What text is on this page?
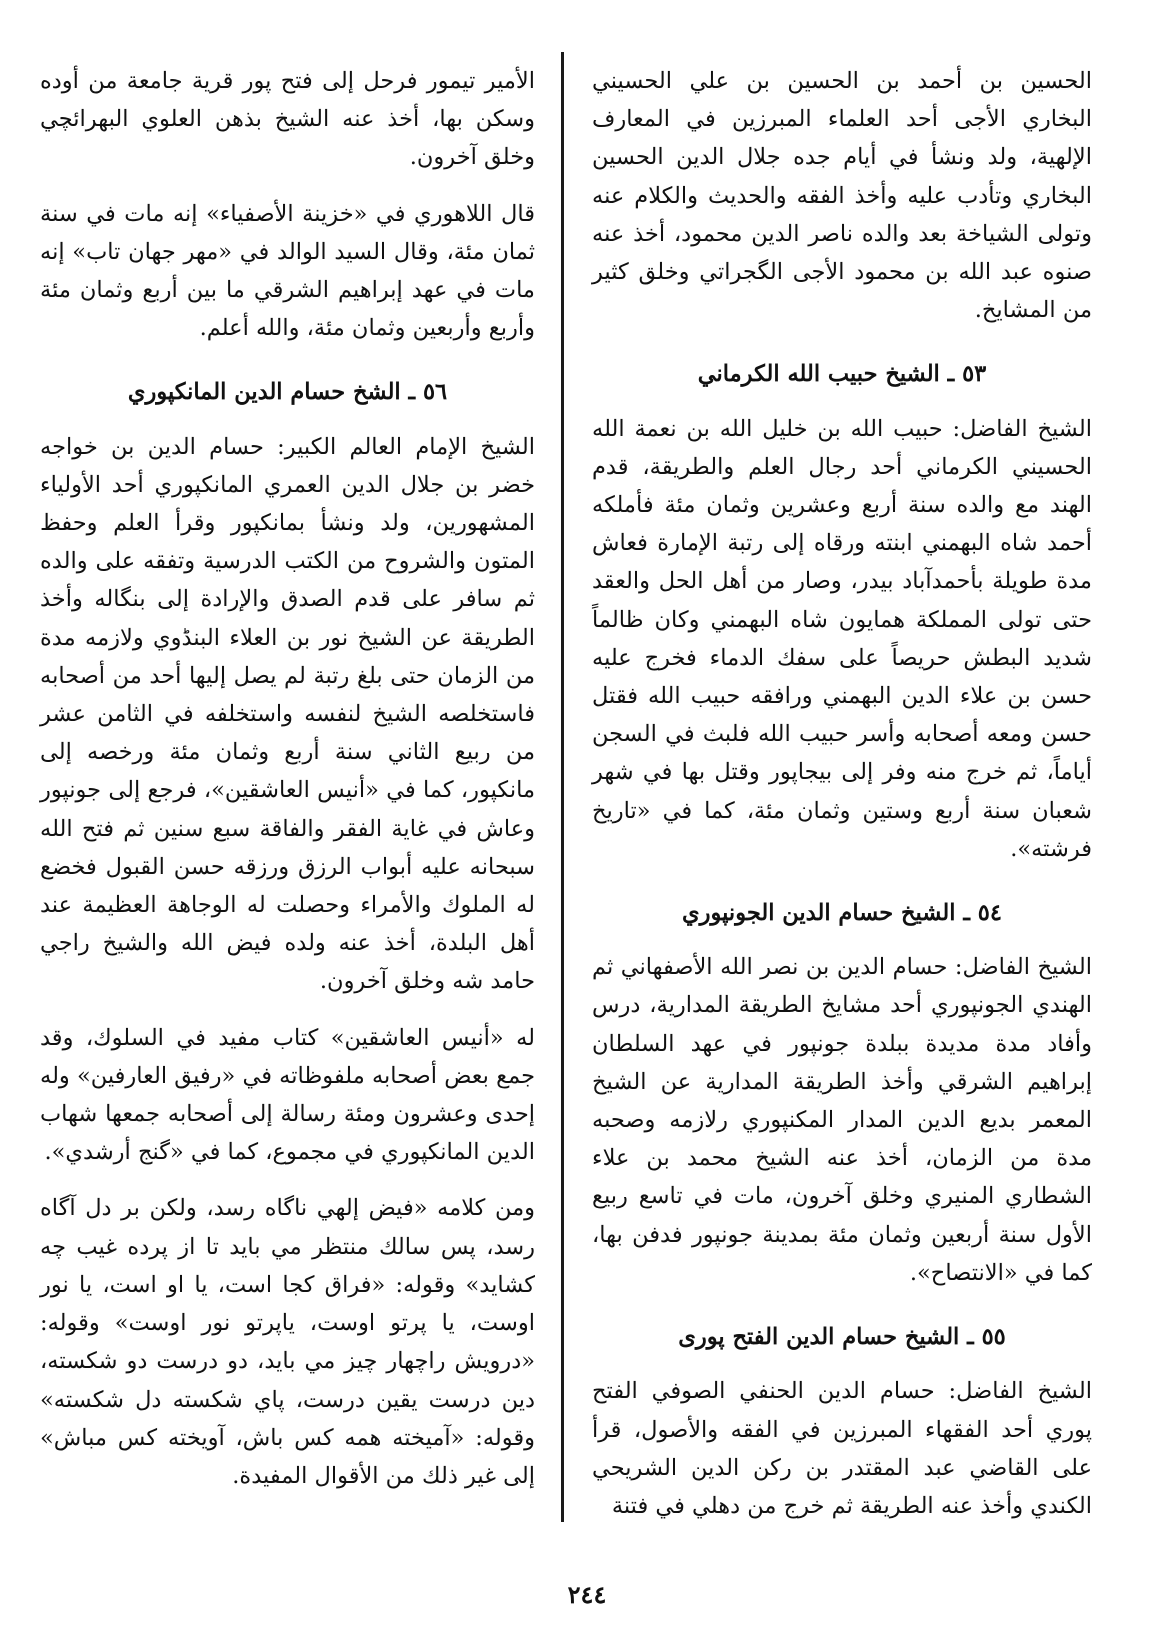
الحسين بن أحمد بن الحسين بن علي الحسيني البخاري الأجى أحد العلماء المبرزين في المعارف الإلهية، ولد ونشأ في أيام جده جلال الدين الحسين البخاري وتأدب عليه وأخذ الفقه والحديث والكلام عنه وتولى الشياخة بعد والده ناصر الدين محمود، أخذ عنه صنوه عبد الله بن محمود الأجى الگجراتي وخلق كثير من المشايخ.

٥٣ ـ الشيخ حبيب الله الكرماني

الشيخ الفاضل: حبيب الله بن خليل الله بن نعمة الله الحسيني الكرماني أحد رجال العلم والطريقة، قدم الهند مع والده سنة أربع وعشرين وثمان مئة فأملكه أحمد شاه البهمني ابنته ورقاه إلى رتبة الإمارة فعاش مدة طويلة بأحمدآباد بيدر، وصار من أهل الحل والعقد حتى تولى المملكة همايون شاه البهمني وكان ظالماً شديد البطش حريصاً على سفك الدماء فخرج عليه حسن بن علاء الدين البهمني ورافقه حبيب الله فقتل حسن ومعه أصحابه وأسر حبيب الله فلبث في السجن أياماً، ثم خرج منه وفر إلى بيجاپور وقتل بها في شهر شعبان سنة أربع وستين وثمان مئة، كما في «تاريخ فرشته».

٥٤ ـ الشيخ حسام الدين الجونپوري

الشيخ الفاضل: حسام الدين بن نصر الله الأصفهاني ثم الهندي الجونپوري أحد مشايخ الطريقة المدارية، درس وأفاد مدة مديدة ببلدة جونپور في عهد السلطان إبراهيم الشرقي وأخذ الطريقة المدارية عن الشيخ المعمر بديع الدين المدار المكنپوري رلازمه وصحبه مدة من الزمان، أخذ عنه الشيخ محمد بن علاء الشطاري المنيري وخلق آخرون، مات في تاسع ربيع الأول سنة أربعين وثمان مئة بمدينة جونپور فدفن بها، كما في «الانتصاح».

٥٥ ـ الشيخ حسام الدين الفتح پورى

الشيخ الفاضل: حسام الدين الحنفي الصوفي الفتح پوري أحد الفقهاء المبرزين في الفقه والأصول، قرأ على القاضي عبد المقتدر بن ركن الدين الشريحي الكندي وأخذ عنه الطريقة ثم خرج من دهلي في فتنة

الأمير تيمور فرحل إلى فتح پور قرية جامعة من أوده وسكن بها، أخذ عنه الشيخ بذهن العلوي البهرائچي وخلق آخرون.

قال اللاهوري في «خزينة الأصفياء» إنه مات في سنة ثمان مئة، وقال السيد الوالد في «مهر جهان تاب» إنه مات في عهد إبراهيم الشرقي ما بين أربع وثمان مئة وأربع وأربعين وثمان مئة، والله أعلم.

٥٦ ـ الشخ حسام الدين المانكپوري

الشيخ الإمام العالم الكبير: حسام الدين بن خواجه خضر بن جلال الدين العمري المانكپوري أحد الأولياء المشهورين، ولد ونشأ بمانكپور وقرأ العلم وحفظ المتون والشروح من الكتب الدرسية وتفقه على والده ثم سافر على قدم الصدق والإرادة إلى بنگاله وأخذ الطريقة عن الشيخ نور بن العلاء البنڈوي ولازمه مدة من الزمان حتى بلغ رتبة لم يصل إليها أحد من أصحابه فاستخلصه الشيخ لنفسه واستخلفه في الثامن عشر من ربيع الثاني سنة أربع وثمان مئة ورخصه إلى مانكپور، كما في «أنيس العاشقين»، فرجع إلى جونپور وعاش في غاية الفقر والفاقة سبع سنين ثم فتح الله سبحانه عليه أبواب الرزق ورزقه حسن القبول فخضع له الملوك والأمراء وحصلت له الوجاهة العظيمة عند أهل البلدة، أخذ عنه ولده فيض الله والشيخ راجي حامد شه وخلق آخرون.

له «أنيس العاشقين» كتاب مفيد في السلوك، وقد جمع بعض أصحابه ملفوظاته في «رفيق العارفين» وله إحدى وعشرون ومئة رسالة إلى أصحابه جمعها شهاب الدين المانكپوري في مجموع، كما في «گنج أرشدي».

ومن كلامه «فيض إلهي ناگاه رسد، ولكن بر دل آگاه رسد، پس سالك منتظر مي بايد تا از پرده غيب چه كشايد» وقوله: «فراق كجا است، يا او است، يا نور اوست، يا پرتو اوست، ياپرتو نور اوست» وقوله: «درويش راچهار چيز مي بايد، دو درست دو شكسته، دين درست يقين درست، پاي شكسته دل شكسته» وقوله: «آميخته همه كس باش، آويخته كس مباش» إلى غير ذلك من الأقوال المفيدة.

٢٤٤
